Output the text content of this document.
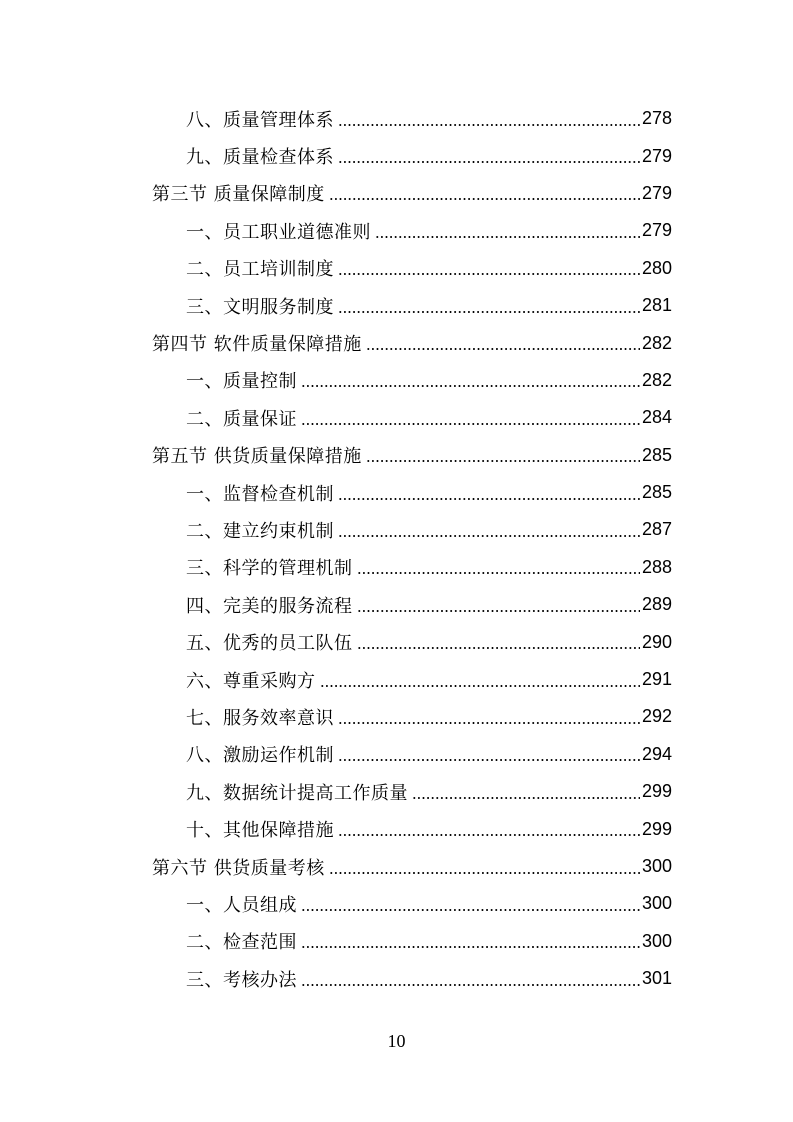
八、质量管理体系	278
九、质量检查体系	279
第三节 质量保障制度	279
一、员工职业道德准则	279
二、员工培训制度	280
三、文明服务制度	281
第四节 软件质量保障措施	282
一、质量控制	282
二、质量保证	284
第五节 供货质量保障措施	285
一、监督检查机制	285
二、建立约束机制	287
三、科学的管理机制	288
四、完美的服务流程	289
五、优秀的员工队伍	290
六、尊重采购方	291
七、服务效率意识	292
八、激励运作机制	294
九、数据统计提高工作质量	299
十、其他保障措施	299
第六节 供货质量考核	300
一、人员组成	300
二、检查范围	300
三、考核办法	301
10
